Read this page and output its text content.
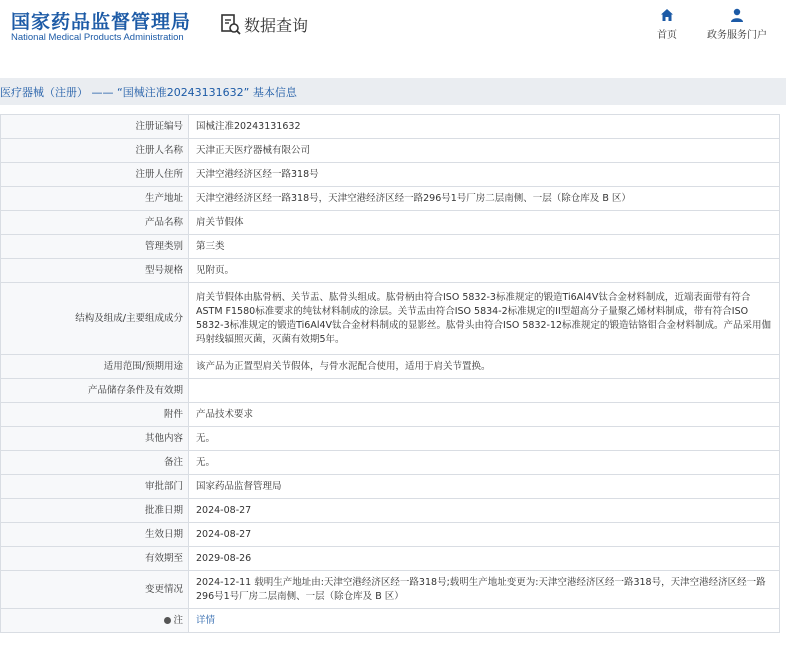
国家药品监督管理局
National Medical Products Administration
数据查询
首页	政务服务门户
医疗器械（注册） —— “国械注准20243131632” 基本信息
注册证编号	国械注准20243131632
注册人名称	天津正天医疗器械有限公司
注册人住所	天津空港经济区经一路318号
生产地址	天津空港经济区经一路318号，天津空港经济区经一路296号1号厂房二层南侧、一层（除仓库及 B 区）
产品名称	肩关节假体
管理类别	第三类
型号规格	见附页。
结构及组成/主要组成成分	肩关节假体由肱骨柄、关节盂、肱骨头组成。肱骨柄由符合ISO 5832-3标准规定的锻造Ti6Al4V钛合金材料制成，近端表面带有符合ASTM F1580标准要求的纯钛材料制成的涂层。关节盂由符合ISO 5834-2标准规定的II型超高分子量聚乙烯材料制成，带有符合ISO 5832-3标准规定的锻造Ti6Al4V钛合金材料制成的显影丝。肱骨头由符合ISO 5832-12标准规定的锻造钴铬钼合金材料制成。产品采用伽玛射线辐照灭菌，灭菌有效期5年。
适用范围/预期用途	该产品为正置型肩关节假体，与骨水泥配合使用，适用于肩关节置换。
产品储存条件及有效期	
附件	产品技术要求
其他内容	无。
备注	无。
审批部门	国家药品监督管理局
批准日期	2024-08-27
生效日期	2024-08-27
有效期至	2029-08-26
变更情况	2024-12-11 载明生产地址由:天津空港经济区经一路318号;载明生产地址变更为:天津空港经济区经一路318号，天津空港经济区经一路296号1号厂房二层南侧、一层（除仓库及 B 区）
注	详情
